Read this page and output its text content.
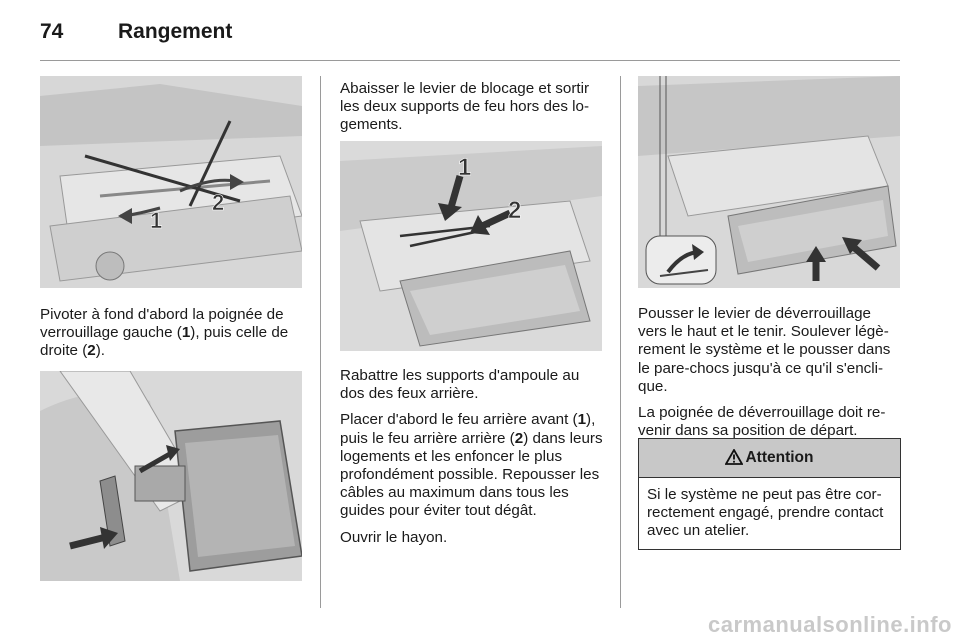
74	Rangement
1
2

Pivoter à fond d'abord la poignée de verrouillage gauche (1), puis celle de droite (2).

Abaisser le levier de blocage et sortir les deux supports de feu hors des logements.

1
2

Rabattre les supports d'ampoule au dos des feux arrière.

Placer d'abord le feu arrière avant (1), puis le feu arrière arrière (2) dans leurs logements et les enfoncer le plus profondément possible. Repousser les câbles au maximum dans tous les guides pour éviter tout dégât.

Ouvrir le hayon.

Pousser le levier de déverrouillage vers le haut et le tenir. Soulever légèrement le système et le pousser dans le pare-chocs jusqu'à ce qu'il s'enclique.

La poignée de déverrouillage doit revenir dans sa position de départ.

Attention
Si le système ne peut pas être correctement engagé, prendre contact avec un atelier.
carmanualsonline.info
